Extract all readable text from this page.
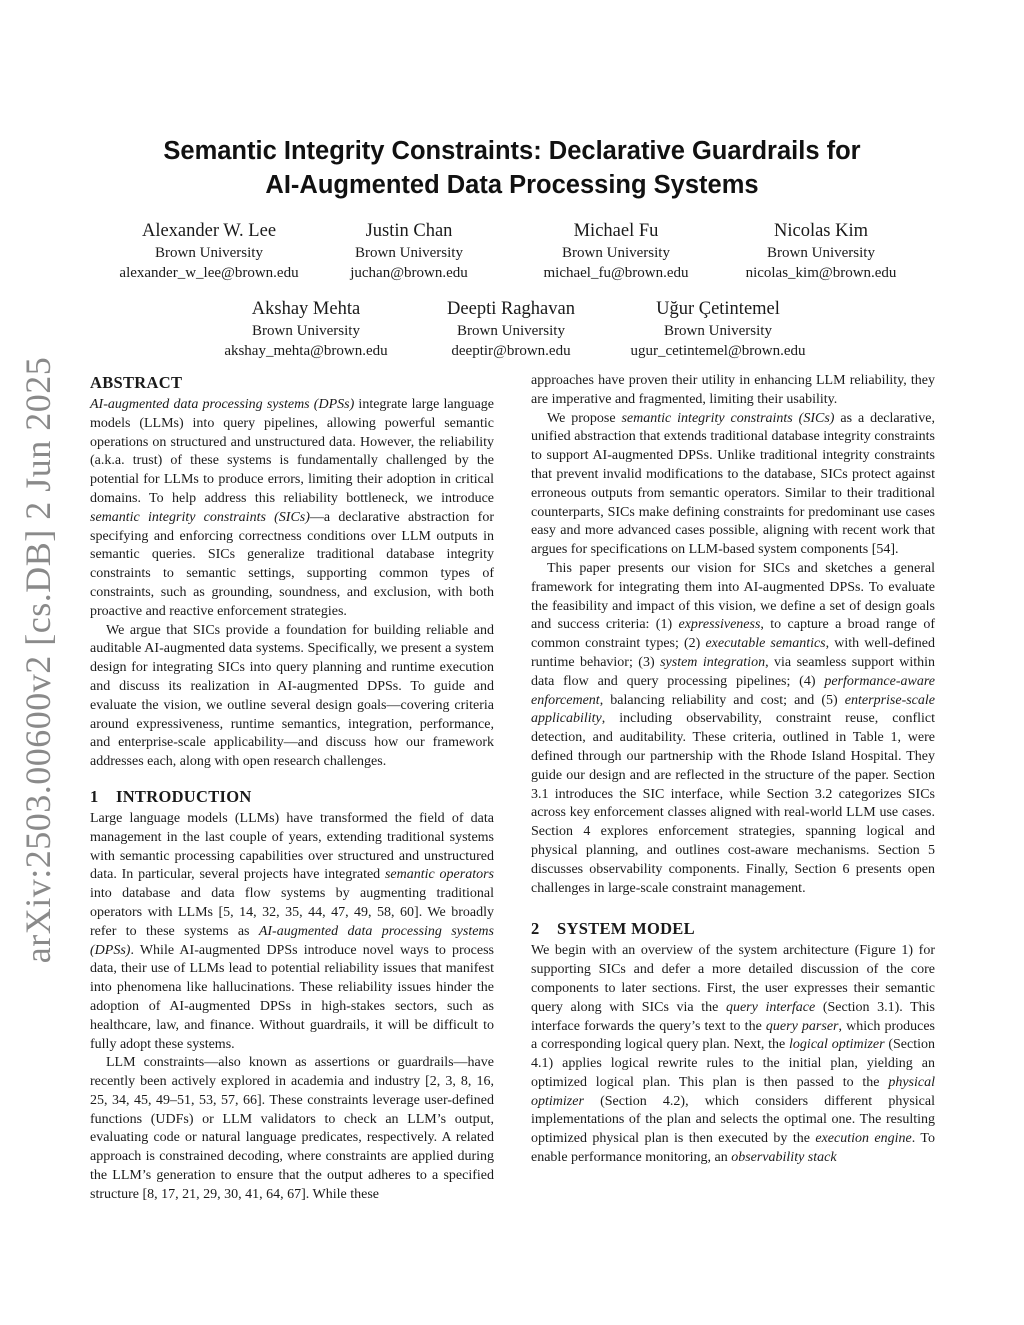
arXiv:2503.00600v2 [cs.DB] 2 Jun 2025
Semantic Integrity Constraints: Declarative Guardrails for
AI-Augmented Data Processing Systems
Alexander W. Lee
Brown University
alexander_w_lee@brown.edu
Justin Chan
Brown University
juchan@brown.edu
Michael Fu
Brown University
michael_fu@brown.edu
Nicolas Kim
Brown University
nicolas_kim@brown.edu
Akshay Mehta
Brown University
akshay_mehta@brown.edu
Deepti Raghavan
Brown University
deeptir@brown.edu
Uğur Çetintemel
Brown University
ugur_cetintemel@brown.edu
ABSTRACT

AI-augmented data processing systems (DPSs) integrate large language models (LLMs) into query pipelines, allowing powerful semantic operations on structured and unstructured data. However, the reliability (a.k.a. trust) of these systems is fundamentally challenged by the potential for LLMs to produce errors, limiting their adoption in critical domains. To help address this reliability bottleneck, we introduce semantic integrity constraints (SICs)—a declarative abstraction for specifying and enforcing correctness conditions over LLM outputs in semantic queries. SICs generalize traditional database integrity constraints to semantic settings, supporting common types of constraints, such as grounding, soundness, and exclusion, with both proactive and reactive enforcement strategies.

We argue that SICs provide a foundation for building reliable and auditable AI-augmented data systems. Specifically, we present a system design for integrating SICs into query planning and runtime execution and discuss its realization in AI-augmented DPSs. To guide and evaluate the vision, we outline several design goals—covering criteria around expressiveness, runtime semantics, integration, performance, and enterprise-scale applicability—and discuss how our framework addresses each, along with open research challenges.

1 INTRODUCTION

Large language models (LLMs) have transformed the field of data management in the last couple of years, extending traditional systems with semantic processing capabilities over structured and unstructured data. In particular, several projects have integrated semantic operators into database and data flow systems by augmenting traditional operators with LLMs [5, 14, 32, 35, 44, 47, 49, 58, 60]. We broadly refer to these systems as AI-augmented data processing systems (DPSs). While AI-augmented DPSs introduce novel ways to process data, their use of LLMs lead to potential reliability issues that manifest into phenomena like hallucinations. These reliability issues hinder the adoption of AI-augmented DPSs in high-stakes sectors, such as healthcare, law, and finance. Without guardrails, it will be difficult to fully adopt these systems.

LLM constraints—also known as assertions or guardrails—have recently been actively explored in academia and industry [2, 3, 8, 16, 25, 34, 45, 49–51, 53, 57, 66]. These constraints leverage user-defined functions (UDFs) or LLM validators to check an LLM’s output, evaluating code or natural language predicates, respectively. A related approach is constrained decoding, where constraints are applied during the LLM’s generation to ensure that the output adheres to a specified structure [8, 17, 21, 29, 30, 41, 64, 67]. While these

approaches have proven their utility in enhancing LLM reliability, they are imperative and fragmented, limiting their usability.

We propose semantic integrity constraints (SICs) as a declarative, unified abstraction that extends traditional database integrity constraints to support AI-augmented DPSs. Unlike traditional integrity constraints that prevent invalid modifications to the database, SICs protect against erroneous outputs from semantic operators. Similar to their traditional counterparts, SICs make defining constraints for predominant use cases easy and more advanced cases possible, aligning with recent work that argues for specifications on LLM-based system components [54].

This paper presents our vision for SICs and sketches a general framework for integrating them into AI-augmented DPSs. To evaluate the feasibility and impact of this vision, we define a set of design goals and success criteria: (1) expressiveness, to capture a broad range of common constraint types; (2) executable semantics, with well-defined runtime behavior; (3) system integration, via seamless support within data flow and query processing pipelines; (4) performance-aware enforcement, balancing reliability and cost; and (5) enterprise-scale applicability, including observability, constraint reuse, conflict detection, and auditability. These criteria, outlined in Table 1, were defined through our partnership with the Rhode Island Hospital. They guide our design and are reflected in the structure of the paper. Section 3.1 introduces the SIC interface, while Section 3.2 categorizes SICs across key enforcement classes aligned with real-world LLM use cases. Section 4 explores enforcement strategies, spanning logical and physical planning, and outlines cost-aware mechanisms. Section 5 discusses observability components. Finally, Section 6 presents open challenges in large-scale constraint management.

2 SYSTEM MODEL

We begin with an overview of the system architecture (Figure 1) for supporting SICs and defer a more detailed discussion of the core components to later sections. First, the user expresses their semantic query along with SICs via the query interface (Section 3.1). This interface forwards the query’s text to the query parser, which produces a corresponding logical query plan. Next, the logical optimizer (Section 4.1) applies logical rewrite rules to the initial plan, yielding an optimized logical plan. This plan is then passed to the physical optimizer (Section 4.2), which considers different physical implementations of the plan and selects the optimal one. The resulting optimized physical plan is then executed by the execution engine. To enable performance monitoring, an observability stack
